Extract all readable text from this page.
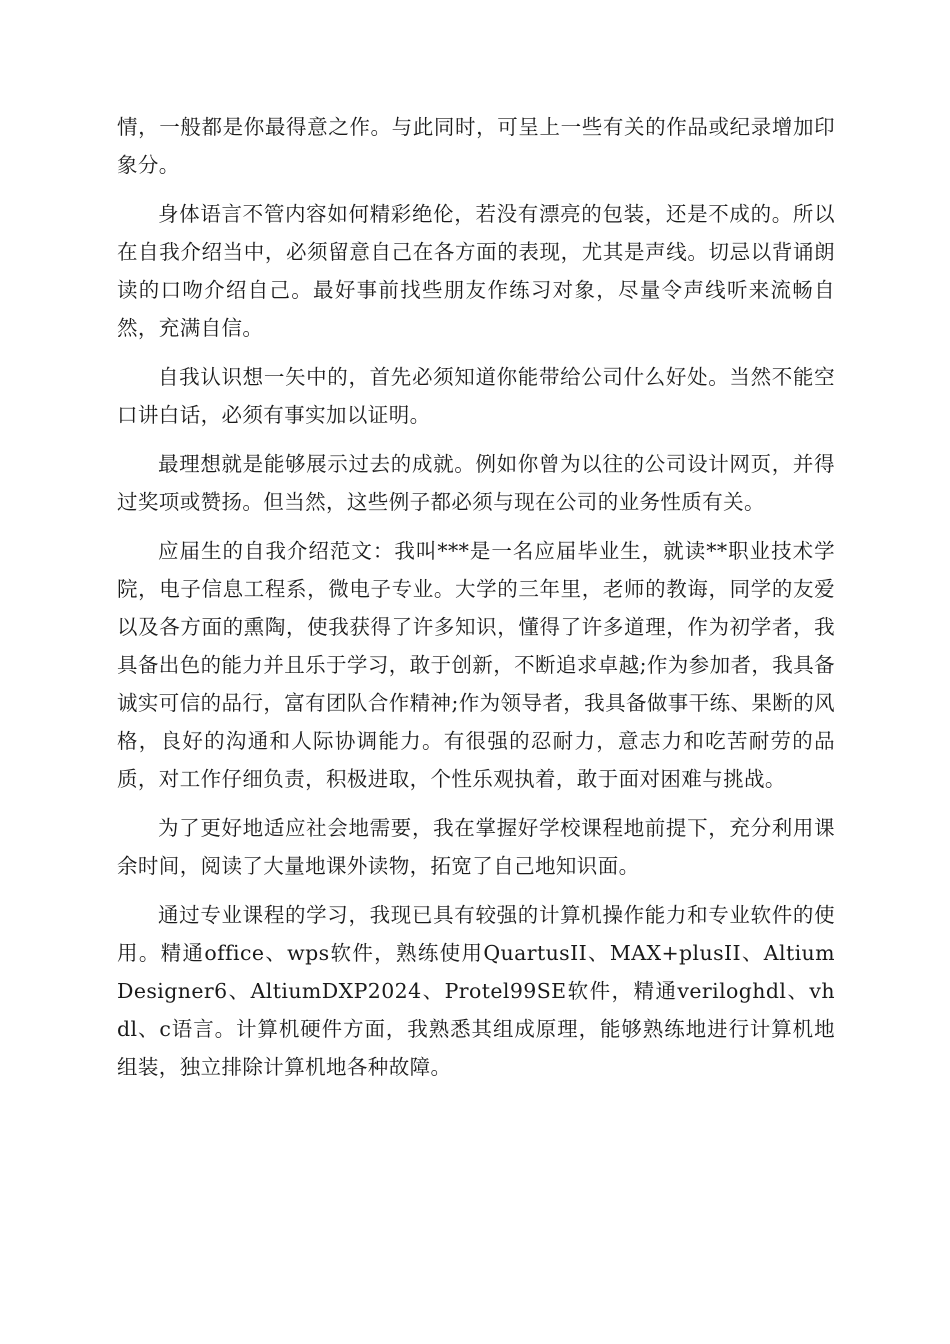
情，一般都是你最得意之作。与此同时，可呈上一些有关的作品或纪录增加印象分。

身体语言不管内容如何精彩绝伦，若没有漂亮的包装，还是不成的。所以在自我介绍当中，必须留意自己在各方面的表现，尤其是声线。切忌以背诵朗读的口吻介绍自己。最好事前找些朋友作练习对象，尽量令声线听来流畅自然，充满自信。

自我认识想一矢中的，首先必须知道你能带给公司什么好处。当然不能空口讲白话，必须有事实加以证明。

最理想就是能够展示过去的成就。例如你曾为以往的公司设计网页，并得过奖项或赞扬。但当然，这些例子都必须与现在公司的业务性质有关。

应届生的自我介绍范文：我叫***是一名应届毕业生，就读**职业技术学院，电子信息工程系，微电子专业。大学的三年里，老师的教诲，同学的友爱以及各方面的熏陶，使我获得了许多知识，懂得了许多道理，作为初学者，我具备出色的能力并且乐于学习，敢于创新，不断追求卓越;作为参加者，我具备诚实可信的品行，富有团队合作精神;作为领导者，我具备做事干练、果断的风格，良好的沟通和人际协调能力。有很强的忍耐力，意志力和吃苦耐劳的品质，对工作仔细负责，积极进取，个性乐观执着，敢于面对困难与挑战。

为了更好地适应社会地需要，我在掌握好学校课程地前提下，充分利用课余时间，阅读了大量地课外读物，拓宽了自己地知识面。

通过专业课程的学习，我现已具有较强的计算机操作能力和专业软件的使用。精通office、wps软件，熟练使用QuartusII、MAX+plusII、AltiumDesigner6、AltiumDXP2024、Protel99SE软件，精通veriloghdl、vhdl、c语言。计算机硬件方面，我熟悉其组成原理，能够熟练地进行计算机地组装，独立排除计算机地各种故障。
